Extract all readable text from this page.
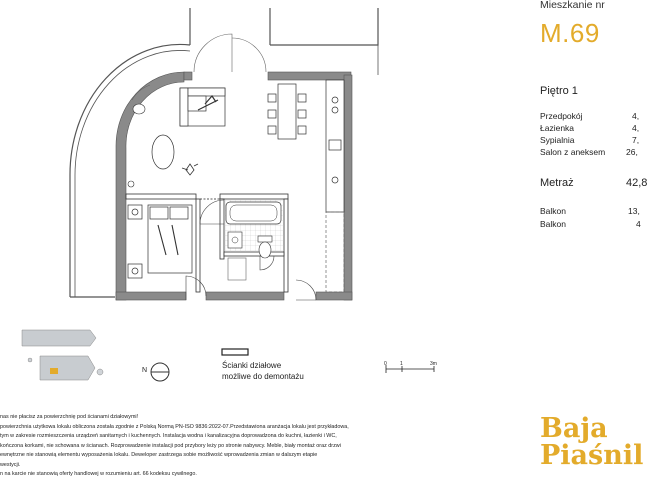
N
0	1	3m
Ścianki działowe
możliwe do demontażu
Mieszkanie nr
M.69
Piętro 1
Przedpokój	4,
Łazienka	4,
Sypialnia	7,
Salon z aneksem 26,
Metraż	42,8
Balkon	13,
Balkon	4
nas nie płacisz za powierzchnię pod ścianami działowymi!
powierzchnia użytkowa lokalu obliczona została zgodnie z Polską Normą PN-ISO 9836:2022-07.Przedstawiona aranżacja lokalu jest przykładowa,
tym w zakresie rozmieszczenia urządzeń sanitarnych i kuchennych. Instalacja wodna i kanalizacyjna doprowadzona do kuchni, łazienki i WC,
kończona korkami, nie schowana w ścianach. Rozprowadzenie instalacji pod przybory leży po stronie nabywcy. Meble, biały montaż oraz drzwi
ewnętrzne nie stanowią elementu wyposażenia lokalu. Deweloper zastrzega sobie możliwość wprowadzenia zmian w dalszym etapie
westycji.
n na karcie nie stanowią oferty handlowej w rozumieniu art. 66 kodeksu cywilnego.
Baja
Piaśnil
